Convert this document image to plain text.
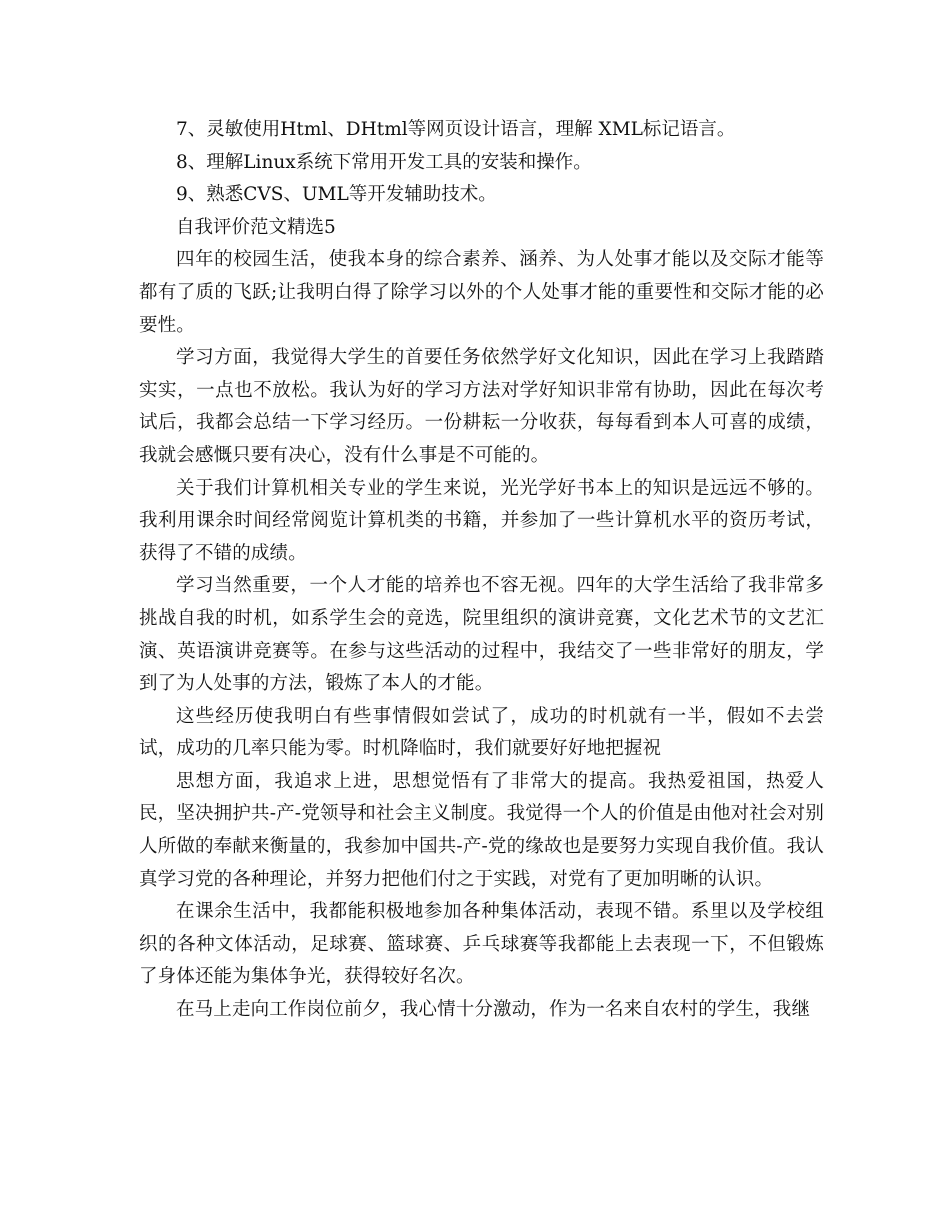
7、灵敏使用Html、DHtml等网页设计语言，理解 XML标记语言。

8、理解Linux系统下常用开发工具的安装和操作。

9、熟悉CVS、UML等开发辅助技术。

自我评价范文精选5

四年的校园生活，使我本身的综合素养、涵养、为人处事才能以及交际才能等都有了质的飞跃;让我明白得了除学习以外的个人处事才能的重要性和交际才能的必要性。

学习方面，我觉得大学生的首要任务依然学好文化知识，因此在学习上我踏踏实实，一点也不放松。我认为好的学习方法对学好知识非常有协助，因此在每次考试后，我都会总结一下学习经历。一份耕耘一分收获，每每看到本人可喜的成绩，我就会感慨只要有决心，没有什么事是不可能的。

关于我们计算机相关专业的学生来说，光光学好书本上的知识是远远不够的。我利用课余时间经常阅览计算机类的书籍，并参加了一些计算机水平的资历考试，获得了不错的成绩。

学习当然重要，一个人才能的培养也不容无视。四年的大学生活给了我非常多挑战自我的时机，如系学生会的竞选，院里组织的演讲竞赛，文化艺术节的文艺汇演、英语演讲竞赛等。在参与这些活动的过程中，我结交了一些非常好的朋友，学到了为人处事的方法，锻炼了本人的才能。

这些经历使我明白有些事情假如尝试了，成功的时机就有一半，假如不去尝试，成功的几率只能为零。时机降临时，我们就要好好地把握祝

思想方面，我追求上进，思想觉悟有了非常大的提高。我热爱祖国，热爱人民，坚决拥护共-产-党领导和社会主义制度。我觉得一个人的价值是由他对社会对别人所做的奉献来衡量的，我参加中国共-产-党的缘故也是要努力实现自我价值。我认真学习党的各种理论，并努力把他们付之于实践，对党有了更加明晰的认识。

在课余生活中，我都能积极地参加各种集体活动，表现不错。系里以及学校组织的各种文体活动，足球赛、篮球赛、乒乓球赛等我都能上去表现一下，不但锻炼了身体还能为集体争光，获得较好名次。

在马上走向工作岗位前夕，我心情十分激动，作为一名来自农村的学生，我继
